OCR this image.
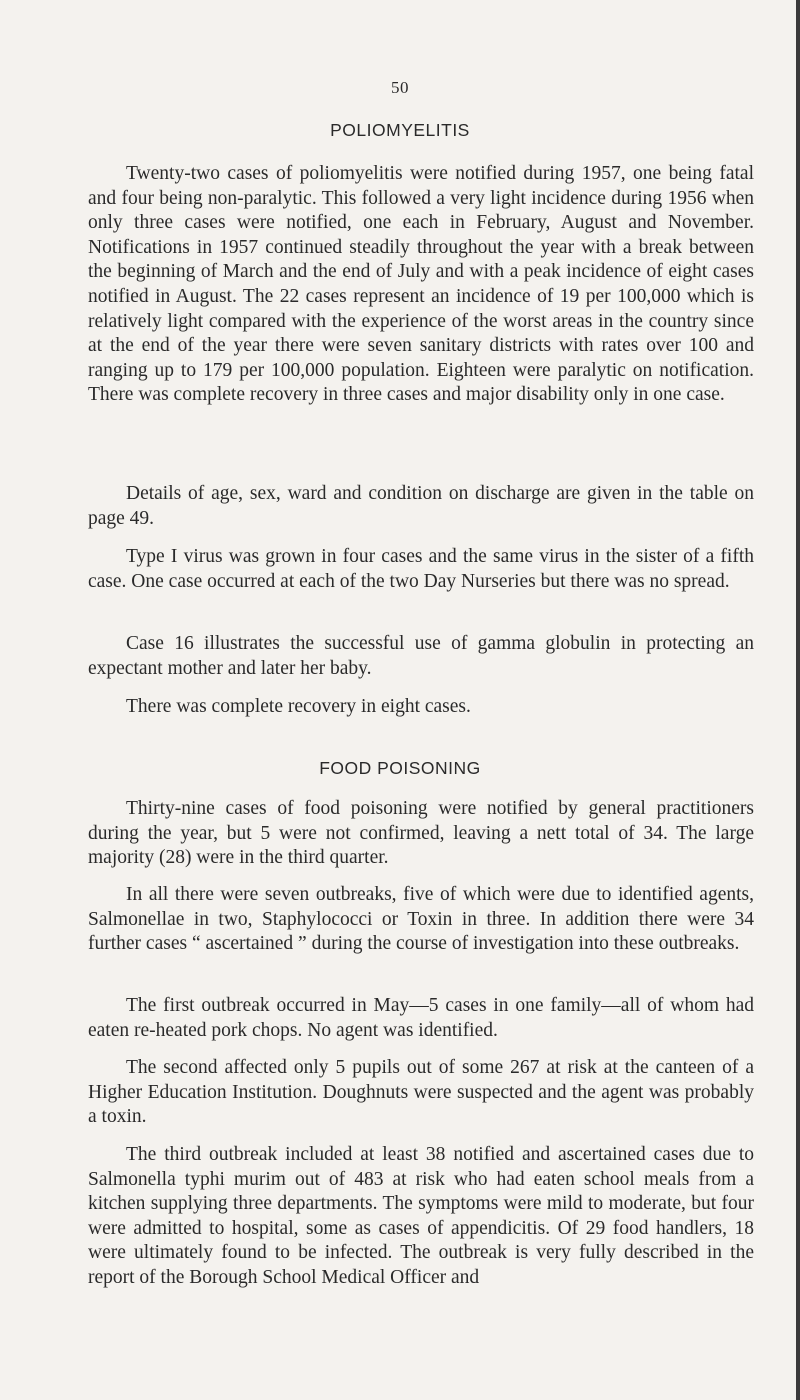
50
POLIOMYELITIS

Twenty-two cases of poliomyelitis were notified during 1957, one being fatal and four being non-paralytic. This followed a very light incidence during 1956 when only three cases were notified, one each in February, August and November. Notifications in 1957 continued steadily throughout the year with a break between the beginning of March and the end of July and with a peak incidence of eight cases notified in August. The 22 cases represent an incidence of 19 per 100,000 which is relatively light compared with the experience of the worst areas in the country since at the end of the year there were seven sanitary districts with rates over 100 and ranging up to 179 per 100,000 population. Eighteen were paralytic on notification. There was complete recovery in three cases and major disability only in one case.

Details of age, sex, ward and condition on discharge are given in the table on page 49.

Type I virus was grown in four cases and the same virus in the sister of a fifth case. One case occurred at each of the two Day Nurseries but there was no spread.

Case 16 illustrates the successful use of gamma globulin in protecting an expectant mother and later her baby.

There was complete recovery in eight cases.

FOOD POISONING

Thirty-nine cases of food poisoning were notified by general practitioners during the year, but 5 were not confirmed, leaving a nett total of 34. The large majority (28) were in the third quarter.

In all there were seven outbreaks, five of which were due to identified agents, Salmonellae in two, Staphylococci or Toxin in three. In addition there were 34 further cases “ ascertained ” during the course of investigation into these outbreaks.

The first outbreak occurred in May—5 cases in one family—all of whom had eaten re-heated pork chops. No agent was identified.

The second affected only 5 pupils out of some 267 at risk at the canteen of a Higher Education Institution. Doughnuts were suspected and the agent was probably a toxin.

The third outbreak included at least 38 notified and ascertained cases due to Salmonella typhi murim out of 483 at risk who had eaten school meals from a kitchen supplying three departments. The symptoms were mild to moderate, but four were admitted to hospital, some as cases of appendicitis. Of 29 food handlers, 18 were ultimately found to be infected. The outbreak is very fully described in the report of the Borough School Medical Officer and
